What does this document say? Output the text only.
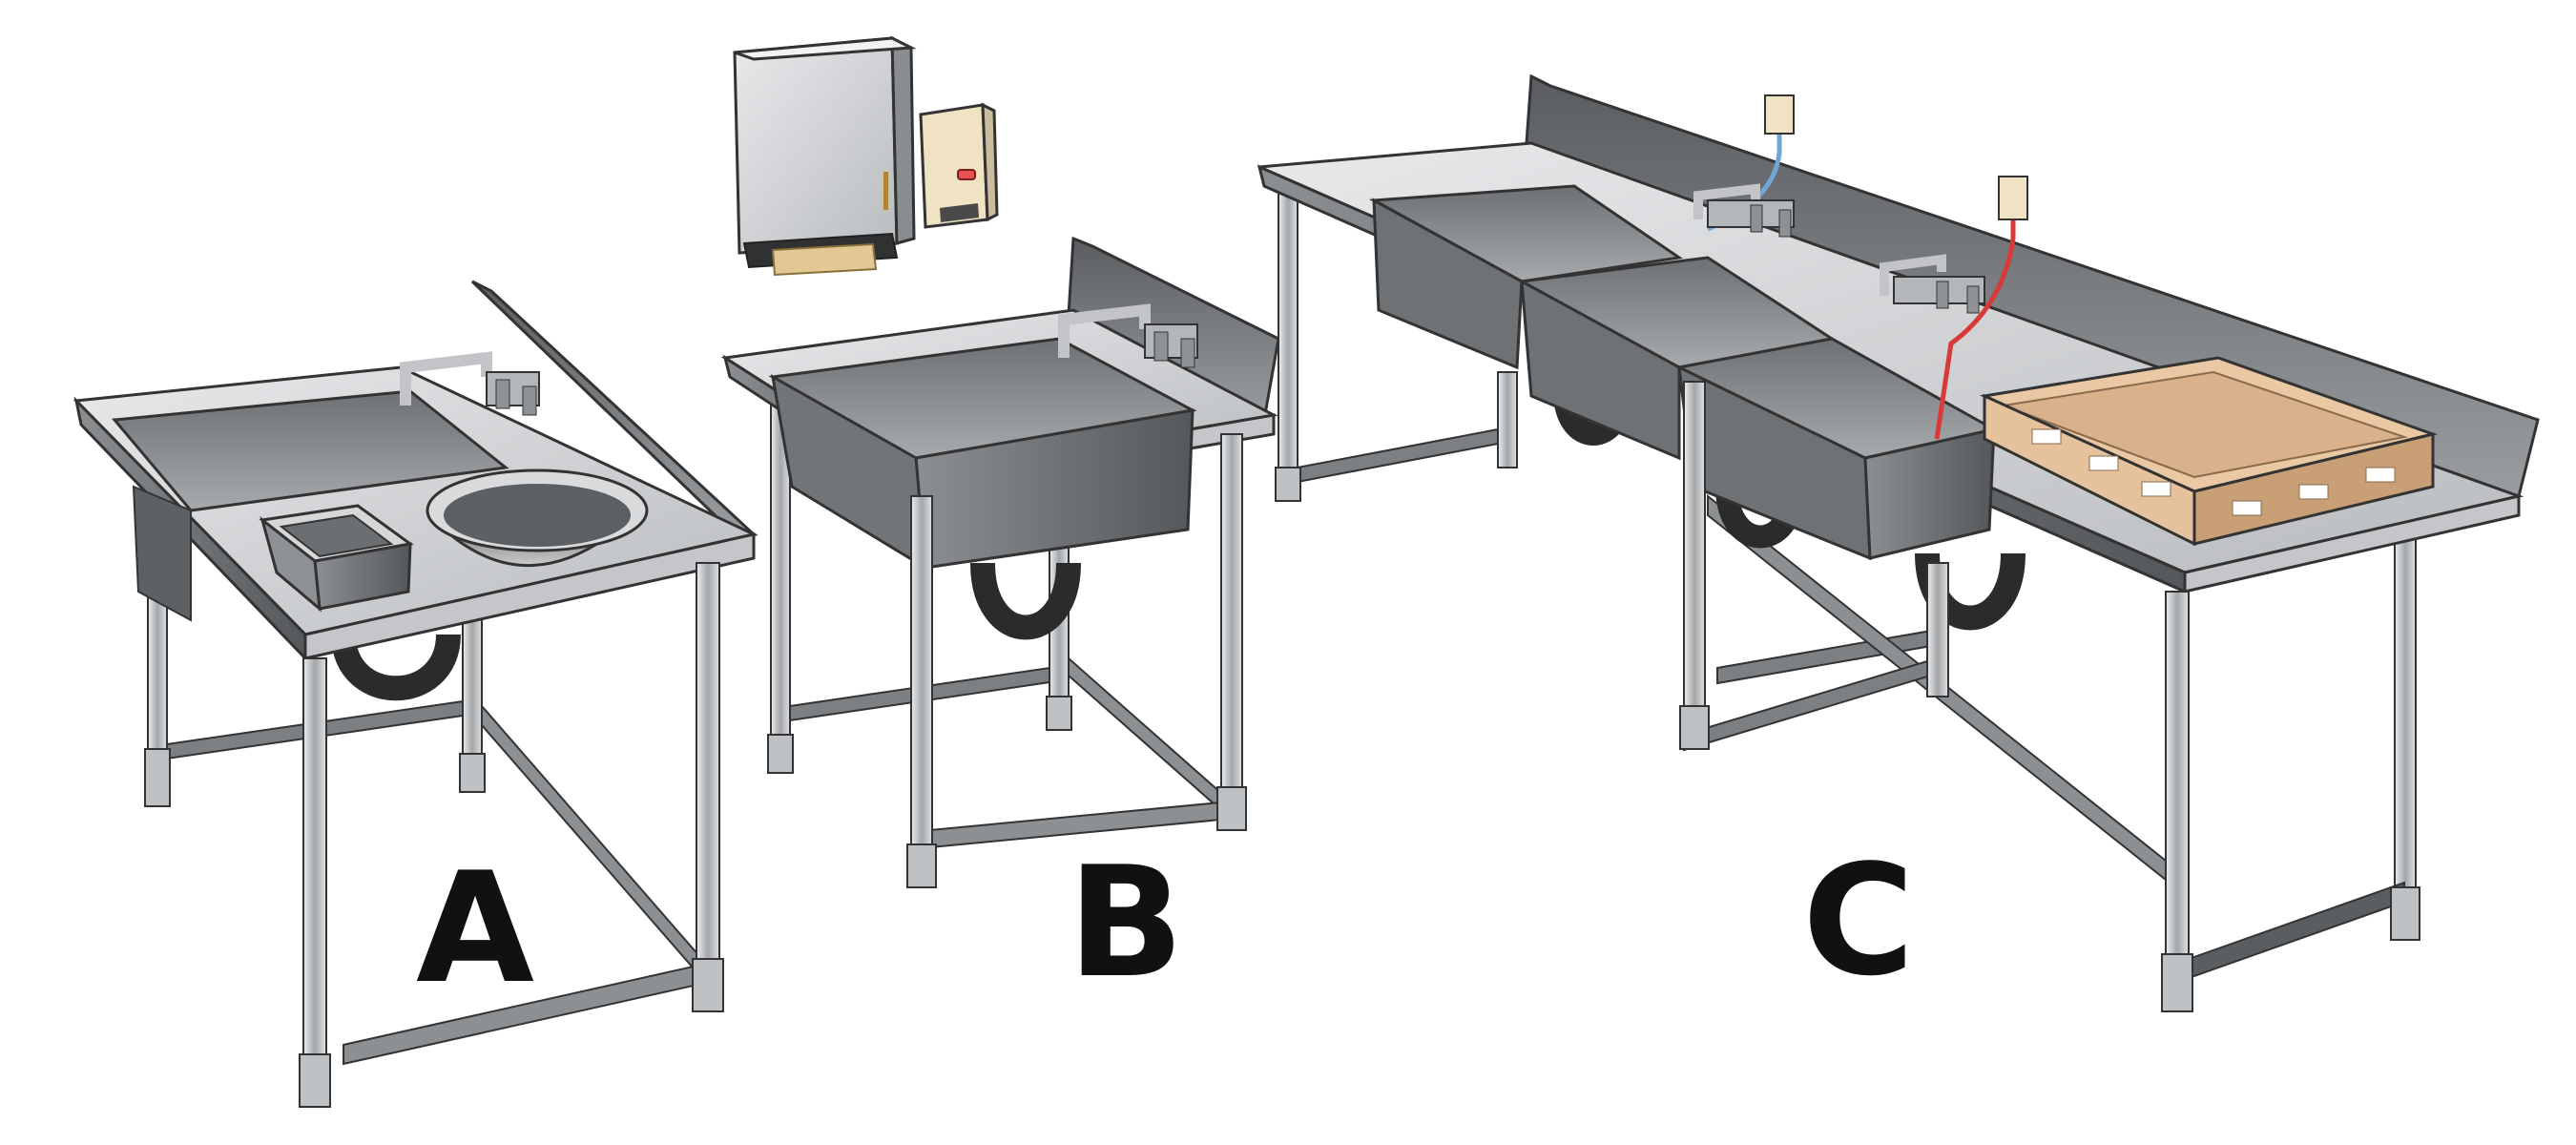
A	B	C
